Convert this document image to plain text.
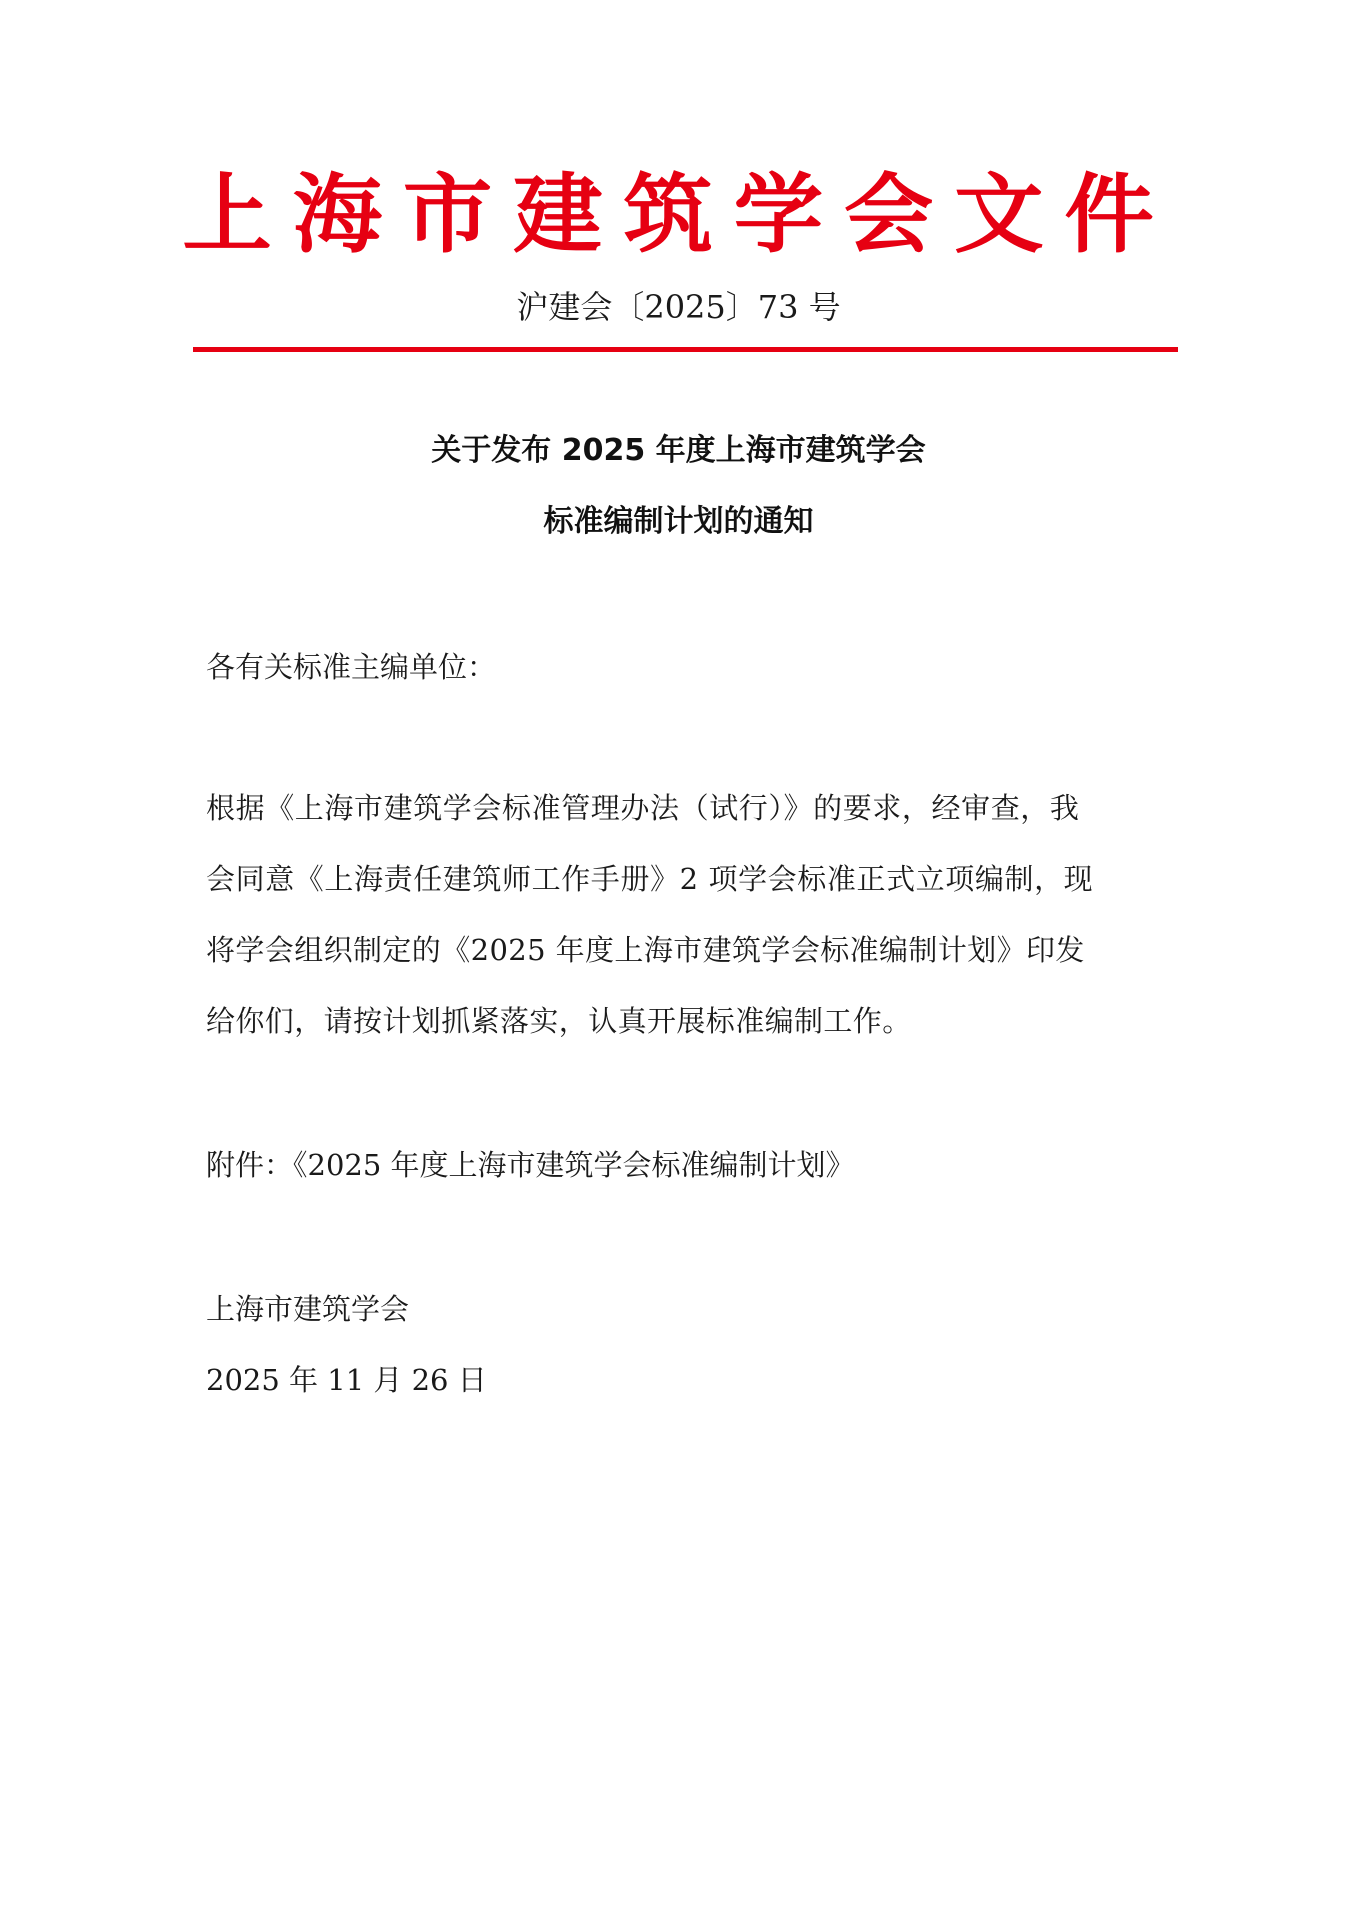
上海市建筑学会文件
沪建会〔2025〕73 号
关于发布 2025 年度上海市建筑学会
标准编制计划的通知
各有关标准主编单位：
根据《上海市建筑学会标准管理办法（试行）》的要求，经审查，我
会同意《上海责任建筑师工作手册》2 项学会标准正式立项编制，现
将学会组织制定的《2025 年度上海市建筑学会标准编制计划》印发
给你们，请按计划抓紧落实，认真开展标准编制工作。
附件：《2025 年度上海市建筑学会标准编制计划》
上海市建筑学会
2025 年 11 月 26 日
